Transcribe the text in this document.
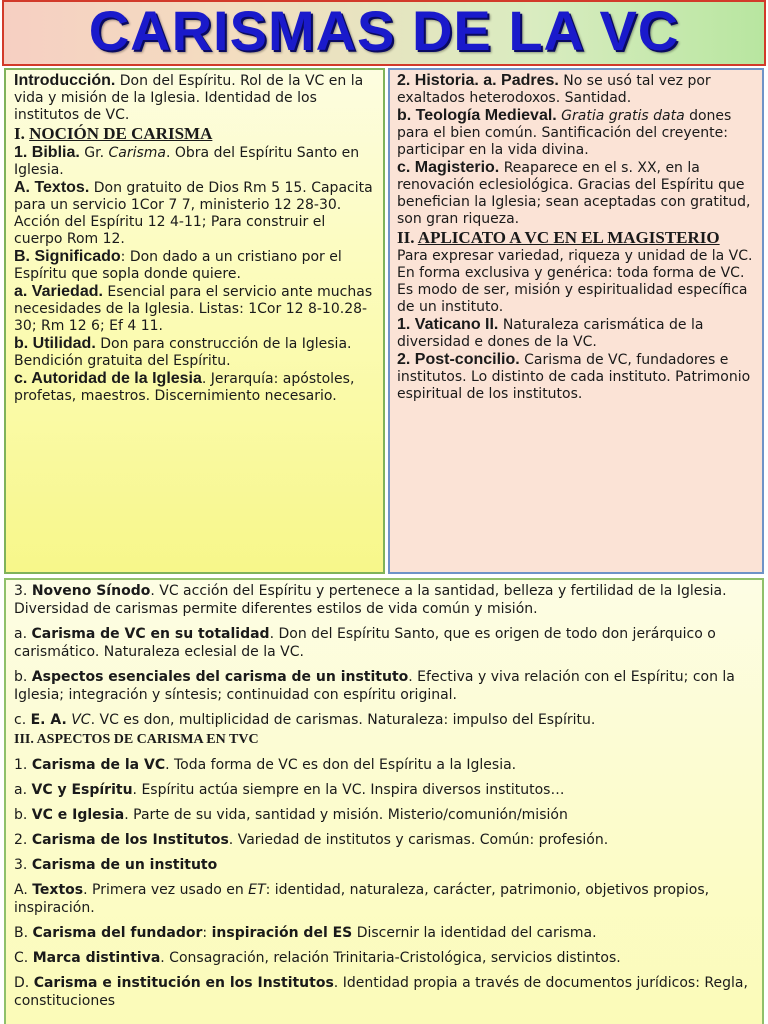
CARISMAS DE LA VC

Introducción. Don del Espíritu. Rol de la VC en la vida y misión de la Iglesia. Identidad de los institutos de VC.

I. NOCIÓN DE CARISMA

1. Biblia. Gr. Carisma. Obra del Espíritu Santo en Iglesia.

A. Textos. Don gratuito de Dios Rm 5 15. Capacita para un servicio 1Cor 7 7, ministerio 12 28-30. Acción del Espíritu 12 4-11; Para construir el cuerpo Rom 12.

B. Significado: Don dado a un cristiano por el Espíritu que sopla donde quiere.

a. Variedad. Esencial para el servicio ante muchas necesidades de la Iglesia. Listas: 1Cor 12 8-10.28-30; Rm 12 6; Ef 4 11.

b. Utilidad. Don para construcción de la Iglesia. Bendición gratuita del Espíritu.

c. Autoridad de la Iglesia. Jerarquía: apóstoles, profetas, maestros. Discernimiento necesario.

2. Historia. a. Padres. No se usó tal vez por exaltados heterodoxos. Santidad.

b. Teología Medieval. Gratia gratis data dones para el bien común. Santificación del creyente: participar en la vida divina.

c. Magisterio. Reaparece en el s. XX, en la renovación eclesiológica. Gracias del Espíritu que benefician la Iglesia; sean aceptadas con gratitud, son gran riqueza.

II. APLICATO A VC EN EL MAGISTERIO

Para expresar variedad, riqueza y unidad de la VC. En forma exclusiva y genérica: toda forma de VC. Es modo de ser, misión y espiritualidad específica de un instituto.

1. Vaticano II. Naturaleza carismática de la diversidad e dones de la VC.

2. Post-concilio. Carisma de VC, fundadores e institutos. Lo distinto de cada instituto. Patrimonio espiritual de los institutos.

3. Noveno Sínodo. VC acción del Espíritu y pertenece a la santidad, belleza y fertilidad de la Iglesia. Diversidad de carismas permite diferentes estilos de vida común y misión.

a. Carisma de VC en su totalidad. Don del Espíritu Santo, que es origen de todo don jerárquico o carismático. Naturaleza eclesial de la VC.

b. Aspectos esenciales del carisma de un instituto. Efectiva y viva relación con el Espíritu; con la Iglesia; integración y síntesis; continuidad con espíritu original.

c. E. A. VC. VC es don, multiplicidad de carismas. Naturaleza: impulso del Espíritu.

III. ASPECTOS DE CARISMA EN TVC

1. Carisma de la VC. Toda forma de VC es don del Espíritu a la Iglesia.

a. VC y Espíritu. Espíritu actúa siempre en la VC. Inspira diversos institutos…

b. VC e Iglesia. Parte de su vida, santidad y misión. Misterio/comunión/misión

2. Carisma de los Institutos. Variedad de institutos y carismas. Común: profesión.

3. Carisma de un instituto

A. Textos. Primera vez usado en ET: identidad, naturaleza, carácter, patrimonio, objetivos propios, inspiración.

B. Carisma del fundador: inspiración del ES Discernir la identidad del carisma.

C. Marca distintiva. Consagración, relación Trinitaria-Cristológica, servicios distintos.

D. Carisma e institución en los Institutos. Identidad propia a través de documentos jurídicos: Regla, constituciones
